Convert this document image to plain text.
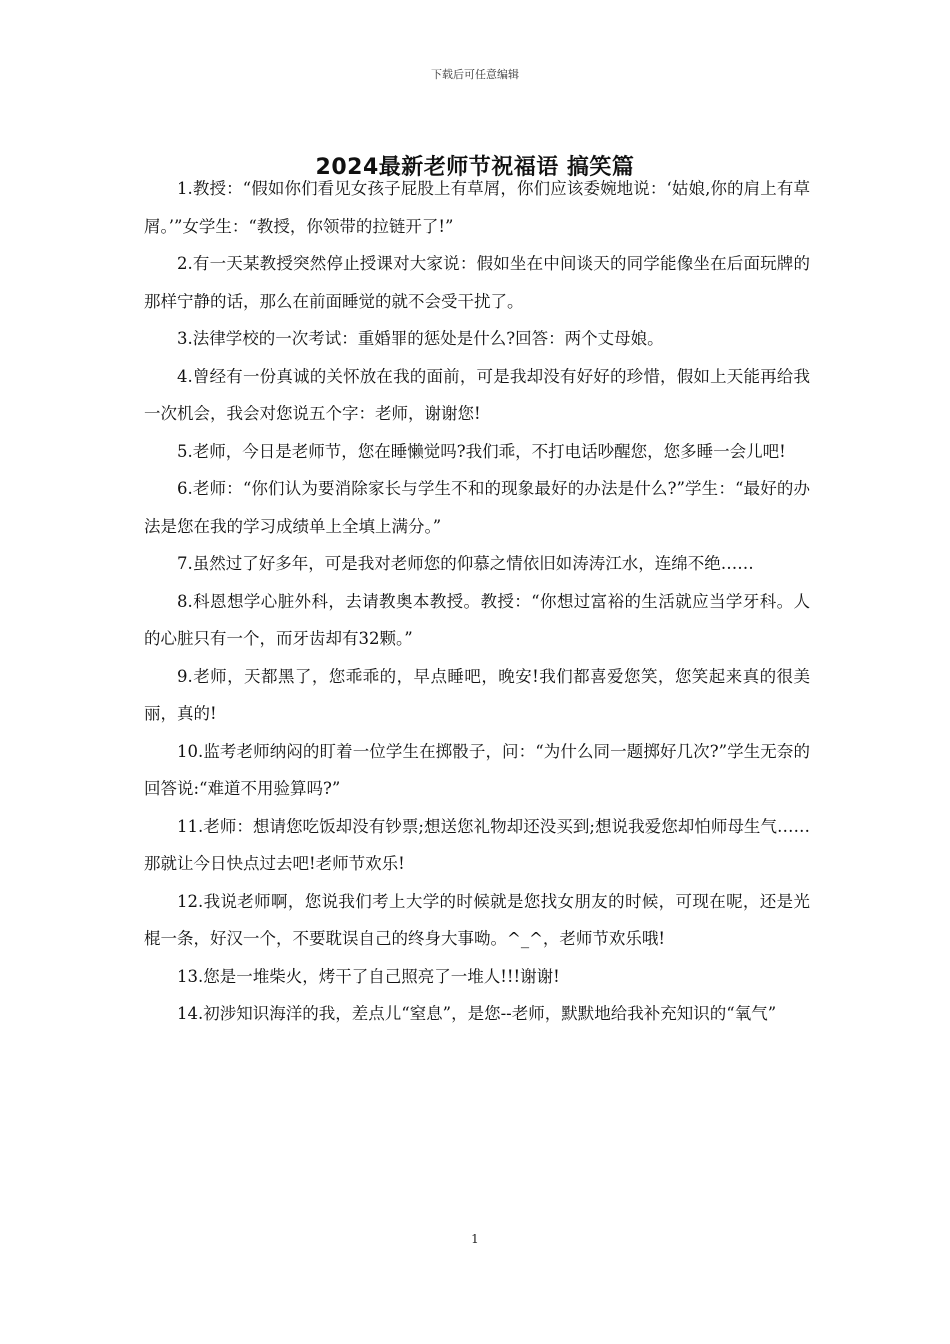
下载后可任意编辑
2024最新老师节祝福语 搞笑篇

1.教授：“假如你们看见女孩子屁股上有草屑，你们应该委婉地说：‘姑娘,你的肩上有草屑。’”女学生：“教授，你领带的拉链开了!”

2.有一天某教授突然停止授课对大家说：假如坐在中间谈天的同学能像坐在后面玩牌的那样宁静的话，那么在前面睡觉的就不会受干扰了。

3.法律学校的一次考试：重婚罪的惩处是什么?回答：两个丈母娘。

4.曾经有一份真诚的关怀放在我的面前，可是我却没有好好的珍惜，假如上天能再给我一次机会，我会对您说五个字：老师，谢谢您!

5.老师，今日是老师节，您在睡懒觉吗?我们乖，不打电话吵醒您，您多睡一会儿吧!

6.老师：“你们认为要消除家长与学生不和的现象最好的办法是什么?”学生：“最好的办法是您在我的学习成绩单上全填上满分。”

7.虽然过了好多年，可是我对老师您的仰慕之情依旧如涛涛江水，连绵不绝……

8.科恩想学心脏外科，去请教奥本教授。教授：“你想过富裕的生活就应当学牙科。人的心脏只有一个，而牙齿却有32颗。”

9.老师，天都黑了，您乖乖的，早点睡吧，晚安!我们都喜爱您笑，您笑起来真的很美丽，真的!

10.监考老师纳闷的盯着一位学生在掷骰子，问：“为什么同一题掷好几次?”学生无奈的回答说:“难道不用验算吗?”

11.老师：想请您吃饭却没有钞票;想送您礼物却还没买到;想说我爱您却怕师母生气……那就让今日快点过去吧!老师节欢乐!

12.我说老师啊，您说我们考上大学的时候就是您找女朋友的时候，可现在呢，还是光棍一条，好汉一个，不要耽误自己的终身大事呦。^_^，老师节欢乐哦!

13.您是一堆柴火，烤干了自己照亮了一堆人!!!谢谢!

14.初涉知识海洋的我，差点儿“窒息”，是您--老师，默默地给我补充知识的“氧气”

1
